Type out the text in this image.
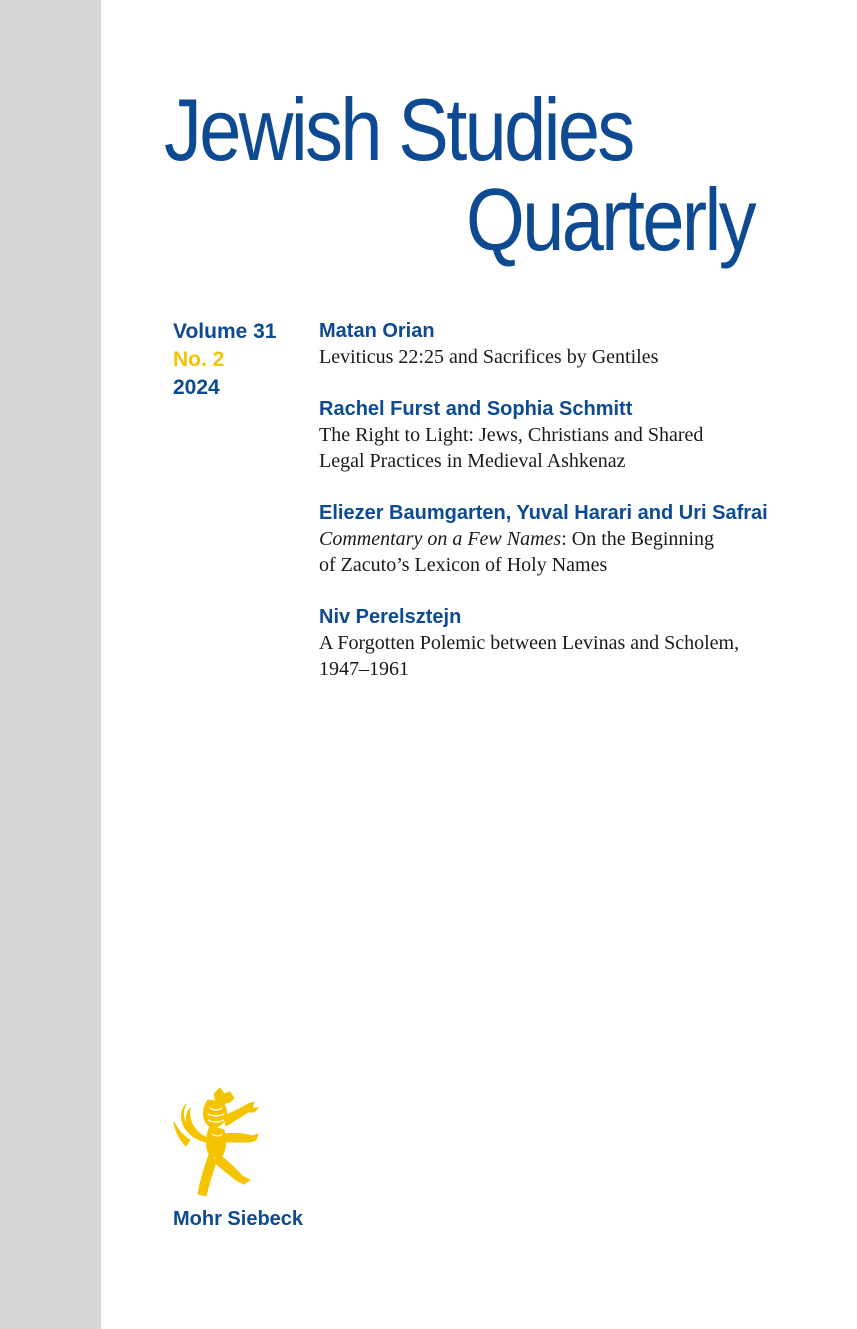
Jewish Studies
Quarterly
Volume 31
No. 2
2024
Matan Orian
Leviticus 22:25 and Sacrifices by Gentiles
Rachel Furst and Sophia Schmitt
The Right to Light: Jews, Christians and Shared
Legal Practices in Medieval Ashkenaz
Eliezer Baumgarten, Yuval Harari and Uri Safrai
Commentary on a Few Names: On the Beginning
of Zacuto’s Lexicon of Holy Names
Niv Perelsztejn
A Forgotten Polemic between Levinas and Scholem,
1947–1961
Mohr Siebeck
